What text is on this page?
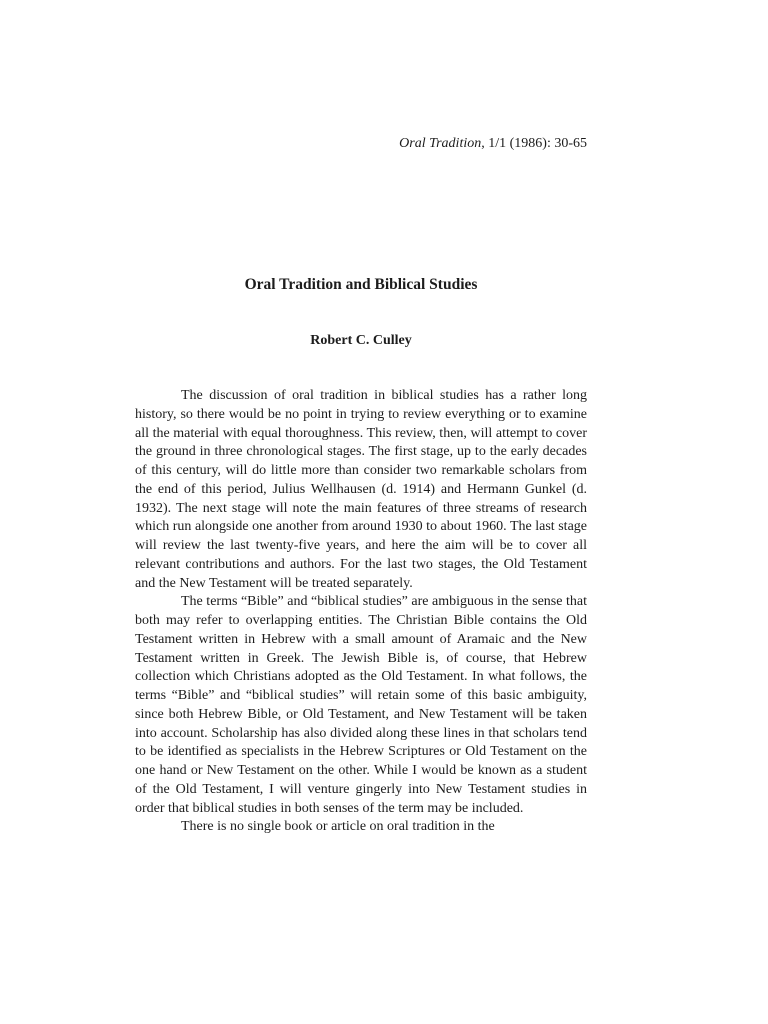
Oral Tradition, 1/1 (1986): 30-65
Oral Tradition and Biblical Studies
Robert C. Culley

The discussion of oral tradition in biblical studies has a rather long history, so there would be no point in trying to review everything or to examine all the material with equal thoroughness. This review, then, will attempt to cover the ground in three chronological stages. The first stage, up to the early decades of this century, will do little more than consider two remarkable scholars from the end of this period, Julius Wellhausen (d. 1914) and Hermann Gunkel (d. 1932). The next stage will note the main features of three streams of research which run alongside one another from around 1930 to about 1960. The last stage will review the last twenty-five years, and here the aim will be to cover all relevant contributions and authors. For the last two stages, the Old Testament and the New Testament will be treated separately.

The terms “Bible” and “biblical studies” are ambiguous in the sense that both may refer to overlapping entities. The Christian Bible contains the Old Testament written in Hebrew with a small amount of Aramaic and the New Testament written in Greek. The Jewish Bible is, of course, that Hebrew collection which Christians adopted as the Old Testament. In what follows, the terms “Bible” and “biblical studies” will retain some of this basic ambiguity, since both Hebrew Bible, or Old Testament, and New Testament will be taken into account. Scholarship has also divided along these lines in that scholars tend to be identified as specialists in the Hebrew Scriptures or Old Testament on the one hand or New Testament on the other. While I would be known as a student of the Old Testament, I will venture gingerly into New Testament studies in order that biblical studies in both senses of the term may be included.

There is no single book or article on oral tradition in the
